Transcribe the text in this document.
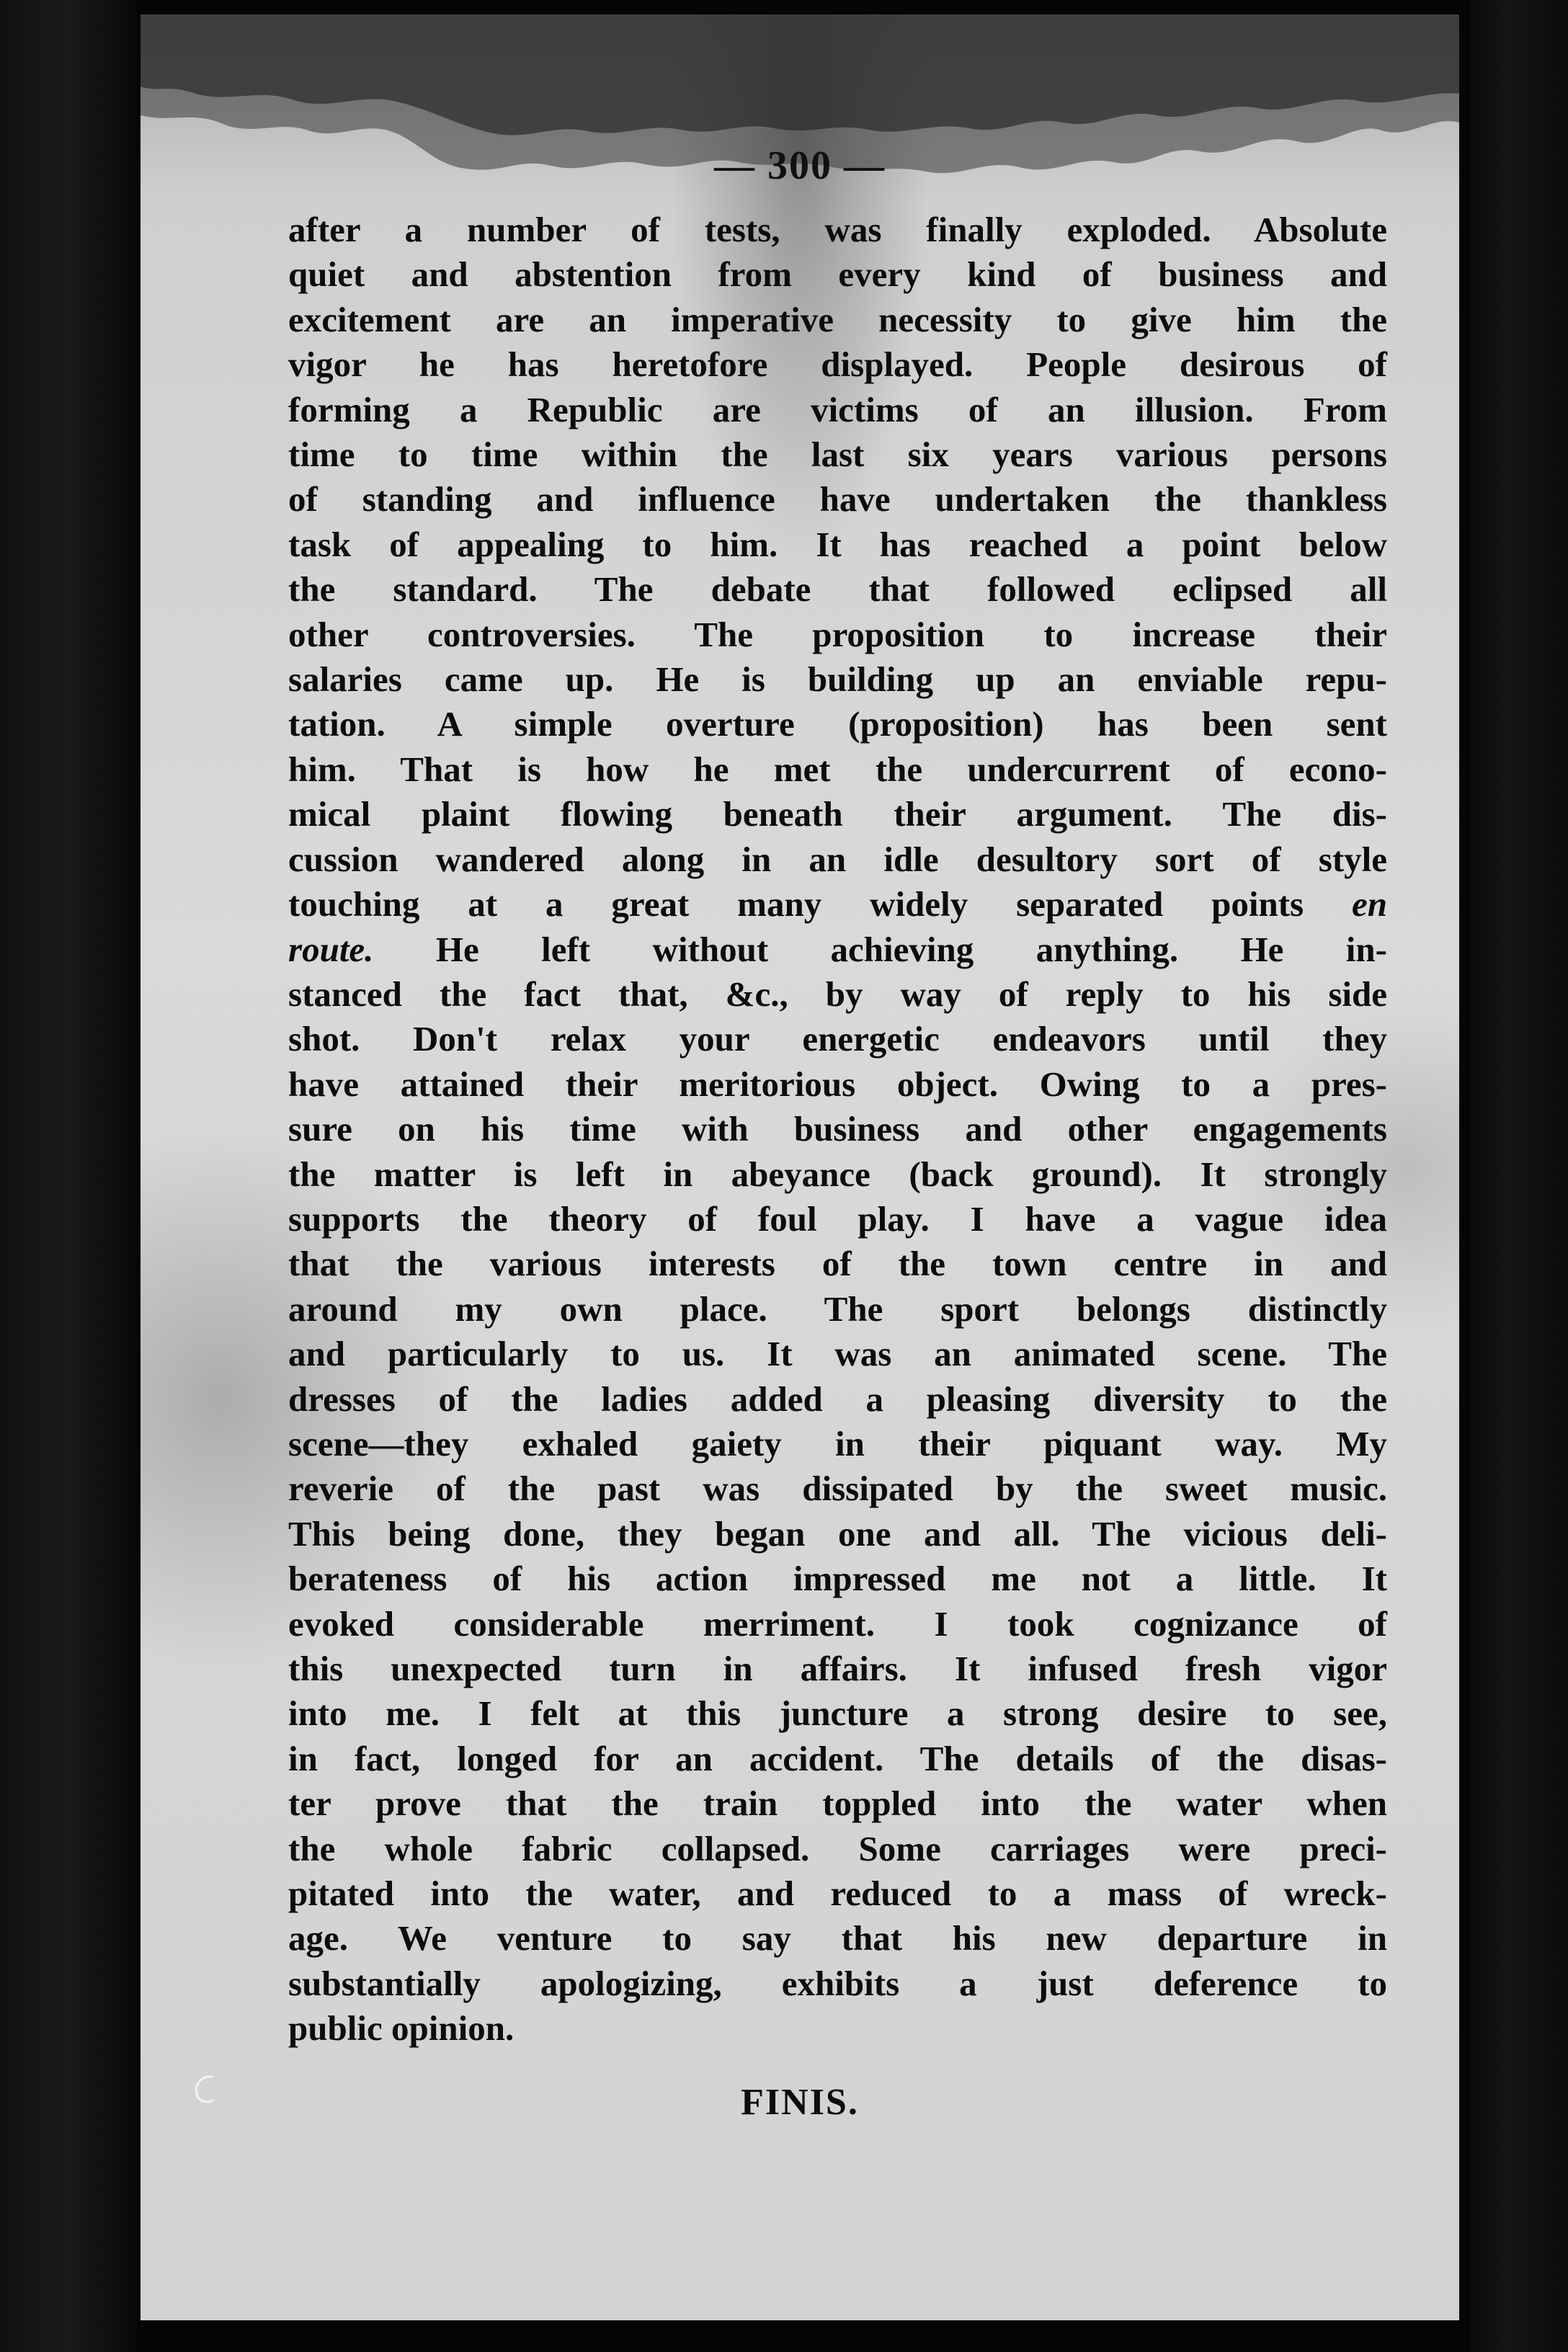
— 300 —
after a number of tests, was finally exploded. Absolute
quiet and abstention from every kind of business and
excitement are an imperative necessity to give him the
vigor he has heretofore displayed. People desirous of
forming a Republic are victims of an illusion. From
time to time within the last six years various persons
of standing and influence have undertaken the thankless
task of appealing to him. It has reached a point below
the standard. The debate that followed eclipsed all
other controversies. The proposition to increase their
salaries came up. He is building up an enviable repu-
tation. A simple overture (proposition) has been sent
him. That is how he met the undercurrent of econo-
mical plaint flowing beneath their argument. The dis-
cussion wandered along in an idle desultory sort of style
touching at a great many widely separated points en
route. He left without achieving anything. He in-
stanced the fact that, &c., by way of reply to his side
shot. Don't relax your energetic endeavors until they
have attained their meritorious object. Owing to a pres-
sure on his time with business and other engagements
the matter is left in abeyance (back ground). It strongly
supports the theory of foul play. I have a vague idea
that the various interests of the town centre in and
around my own place. The sport belongs distinctly
and particularly to us. It was an animated scene. The
dresses of the ladies added a pleasing diversity to the
scene—they exhaled gaiety in their piquant way. My
reverie of the past was dissipated by the sweet music.
This being done, they began one and all. The vicious deli-
berateness of his action impressed me not a little. It
evoked considerable merriment. I took cognizance of
this unexpected turn in affairs. It infused fresh vigor
into me. I felt at this juncture a strong desire to see,
in fact, longed for an accident. The details of the disas-
ter prove that the train toppled into the water when
the whole fabric collapsed. Some carriages were preci-
pitated into the water, and reduced to a mass of wreck-
age. We venture to say that his new departure in
substantially apologizing, exhibits a just deference to
public opinion.
FINIS.
